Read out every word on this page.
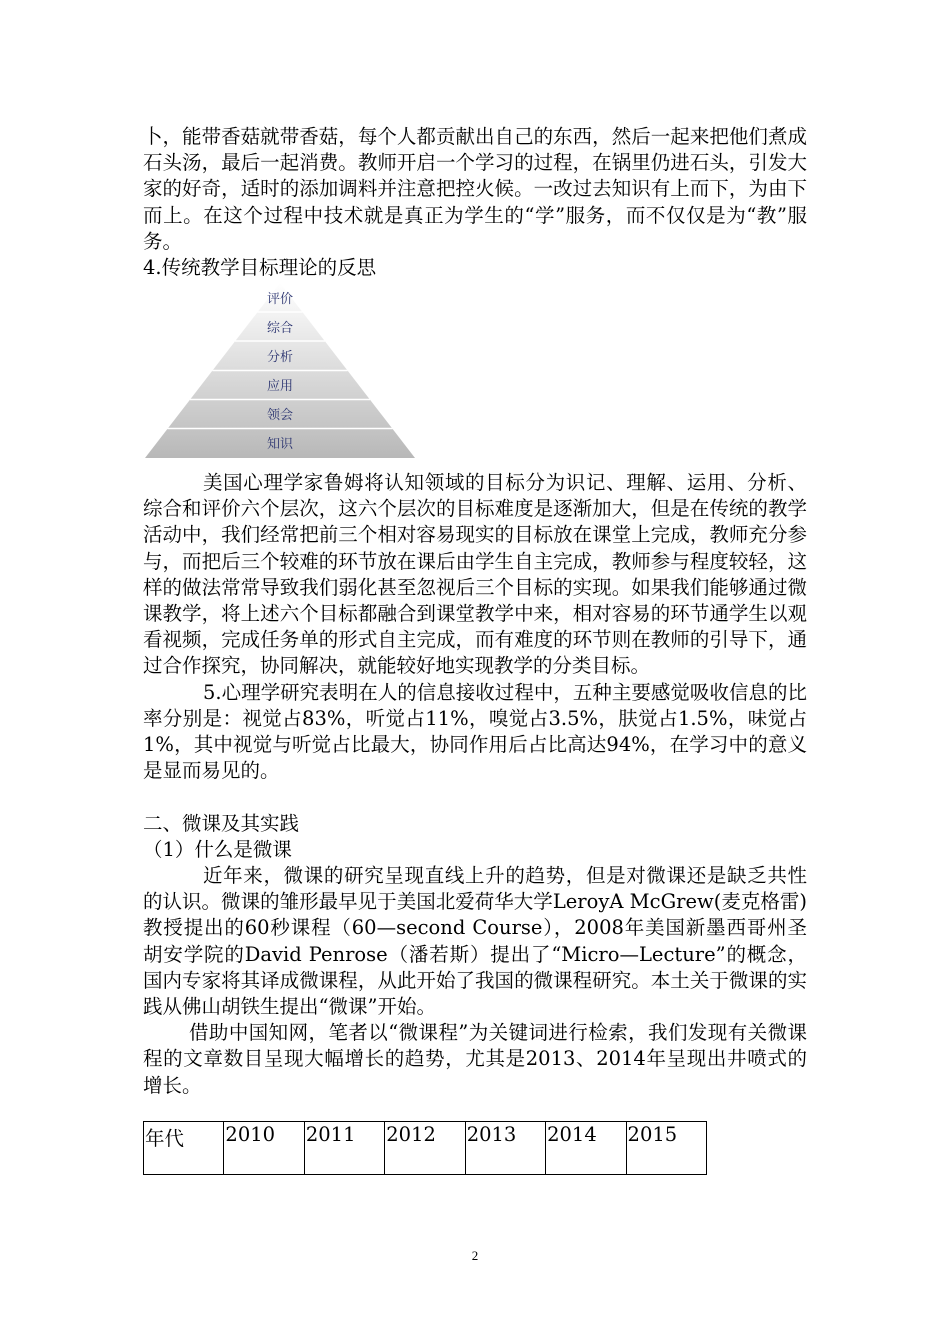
卜，能带香菇就带香菇，每个人都贡献出自己的东西，然后一起来把他们煮成石头汤，最后一起消费。教师开启一个学习的过程，在锅里仍进石头，引发大家的好奇，适时的添加调料并注意把控火候。一改过去知识有上而下，为由下而上。在这个过程中技术就是真正为学生的“学”服务，而不仅仅是为“教”服务。

4.传统教学目标理论的反思

评价
综合
分析
应用
领会
知识

美国心理学家鲁姆将认知领域的目标分为识记、理解、运用、分析、综合和评价六个层次，这六个层次的目标难度是逐渐加大，但是在传统的教学活动中，我们经常把前三个相对容易现实的目标放在课堂上完成，教师充分参与，而把后三个较难的环节放在课后由学生自主完成，教师参与程度较轻，这样的做法常常导致我们弱化甚至忽视后三个目标的实现。如果我们能够通过微课教学，将上述六个目标都融合到课堂教学中来，相对容易的环节通学生以观看视频，完成任务单的形式自主完成，而有难度的环节则在教师的引导下，通过合作探究，协同解决，就能较好地实现教学的分类目标。

5.心理学研究表明在人的信息接收过程中，五种主要感觉吸收信息的比率分别是：视觉占83%，听觉占11%，嗅觉占3.5%，肤觉占1.5%，味觉占1%，其中视觉与听觉占比最大，协同作用后占比高达94%，在学习中的意义是显而易见的。

二、微课及其实践

（1）什么是微课

近年来，微课的研究呈现直线上升的趋势，但是对微课还是缺乏共性的认识。微课的雏形最早见于美国北爱荷华大学LeroyA McGrew(麦克格雷)教授提出的60秒课程（60—second Course），2008年美国新墨西哥州圣胡安学院的David Penrose（潘若斯）提出了“Micro—Lecture”的概念，国内专家将其译成微课程，从此开始了我国的微课程研究。本土关于微课的实践从佛山胡铁生提出“微课”开始。

借助中国知网，笔者以“微课程”为关键词进行检索，我们发现有关微课程的文章数目呈现大幅增长的趋势，尤其是2013、2014年呈现出井喷式的增长。

年代	2010	2011	2012	2013	2014	2015
2
